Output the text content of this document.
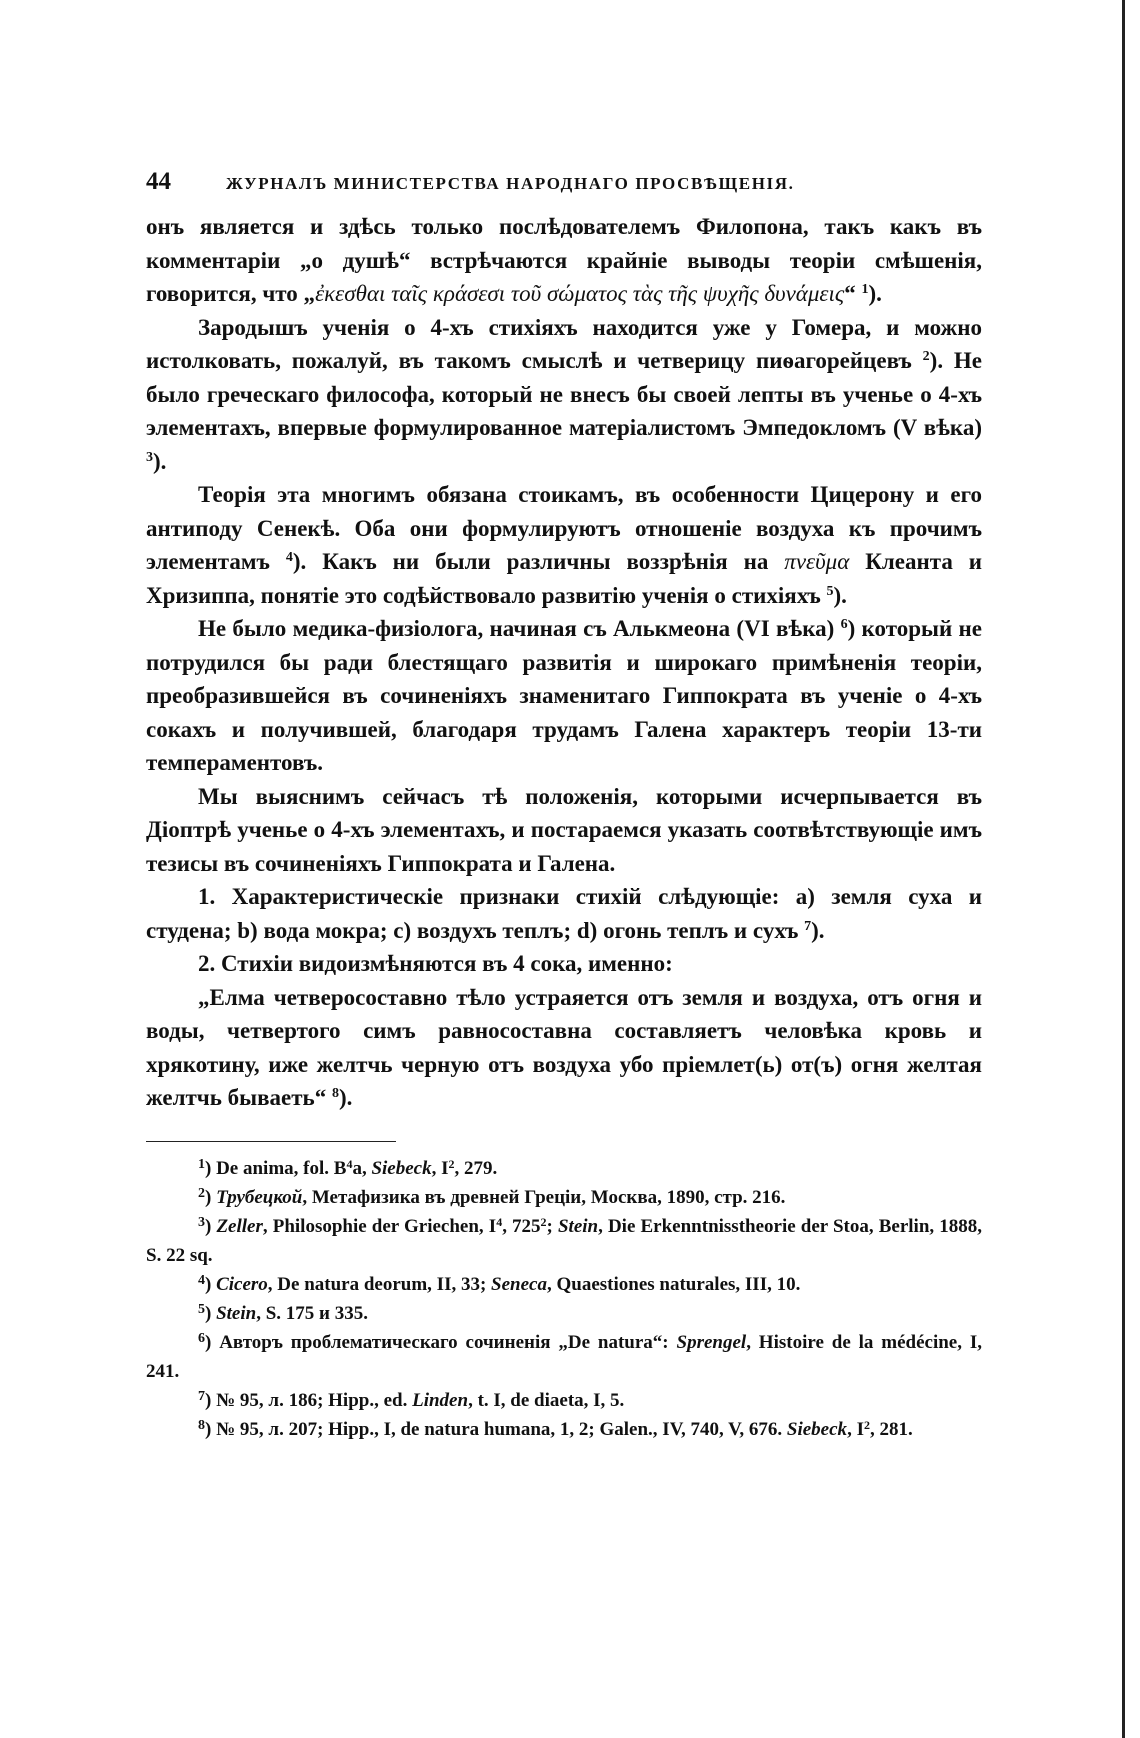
44	ЖУРНАЛЪ МИНИСТЕРСТВА НАРОДНАГО ПРОСВѢЩЕНІЯ.

онъ является и здѣсь только послѣдователемъ Филопона, такъ какъ въ комментаріи „о душѣ“ встрѣчаются крайніе выводы теоріи смѣшенія, говорится, что „ἐκεσθαι ταῖς κράσεσι τοῦ σώματος τὰς τῆς ψυχῆς δυνάμεις“ $^1$).

Зародышъ ученія о 4-хъ стихіяхъ находится уже у Гомера, и можно истолковать, пожалуй, въ такомъ смыслѣ и четверицу пиѳагорейцевъ $^2$). Не было греческаго философа, который не внесъ бы своей лепты въ ученье о 4-хъ элементахъ, впервые формулированное матеріалистомъ Эмпедокломъ (V вѣка) $^3$).

Теорія эта многимъ обязана стоикамъ, въ особенности Цицерону и его антиподу Сенекѣ. Оба они формулируютъ отношеніе воздуха къ прочимъ элементамъ $^4$). Какъ ни были различны воззрѣнія на πνεῦμα Клеанта и Хризиппа, понятіе это содѣйствовало развитію ученія о стихіяхъ $^5$).

Не было медика-физіолога, начиная съ Алькмеона (VI вѣка) $^6$) который не потрудился бы ради блестящаго развитія и широкаго примѣненія теоріи, преобразившейся въ сочиненіяхъ знаменитаго Гиппократа въ ученіе о 4-хъ сокахъ и получившей, благодаря трудамъ Галена характеръ теоріи 13-ти темпераментовъ.

Мы выяснимъ сейчасъ тѣ положенія, которыми исчерпывается въ Діоптрѣ ученье о 4-хъ элементахъ, и постараемся указать соотвѣтствующіе имъ тезисы въ сочиненіяхъ Гиппократа и Галена.

1. Характеристическіе признаки стихій слѣдующіе: a) земля суха и студена; b) вода мокра; c) воздухъ теплъ; d) огонь теплъ и сухъ $^7$).

2. Стихіи видоизмѣняются въ 4 сока, именно:

„Елма четверосоставно тѣло устраяется отъ земля и воздуха, отъ огня и воды, четвертого симъ равносоставна составляетъ человѣка кровь и хрякотину, иже желтчь черную отъ воздуха убо пріемлет(ь) от(ъ) огня желтая желтчь бываеть“ $^8$).

$^1$) De anima, fol. $B^4a$, Siebeck, $I^2$, 279.

$^2$) Трубецкой, Метафизика въ древней Греціи, Москва, 1890, стр. 216.

$^3$) Zeller, Philosophie der Griechen, $I^4$, $725^2$; Stein, Die Erkenntnisstheorie der Stoa, Berlin, 1888, S. 22 sq.

$^4$) Cicero, De natura deorum, II, 33; Seneca, Quaestiones naturales, III, 10.

$^5$) Stein, S. 175 и 335.

$^6$) Авторъ проблематическаго сочиненія „De natura“: Sprengel, Histoire de la médécine, I, 241.

$^7$) № 95, л. 186; Hipp., ed. Linden, t. I, de diaeta, I, 5.

$^8$) № 95, л. 207; Hipp., I, de natura humana, 1, 2; Galen., IV, 740, V, 676. Siebeck, $I^2$, 281.
